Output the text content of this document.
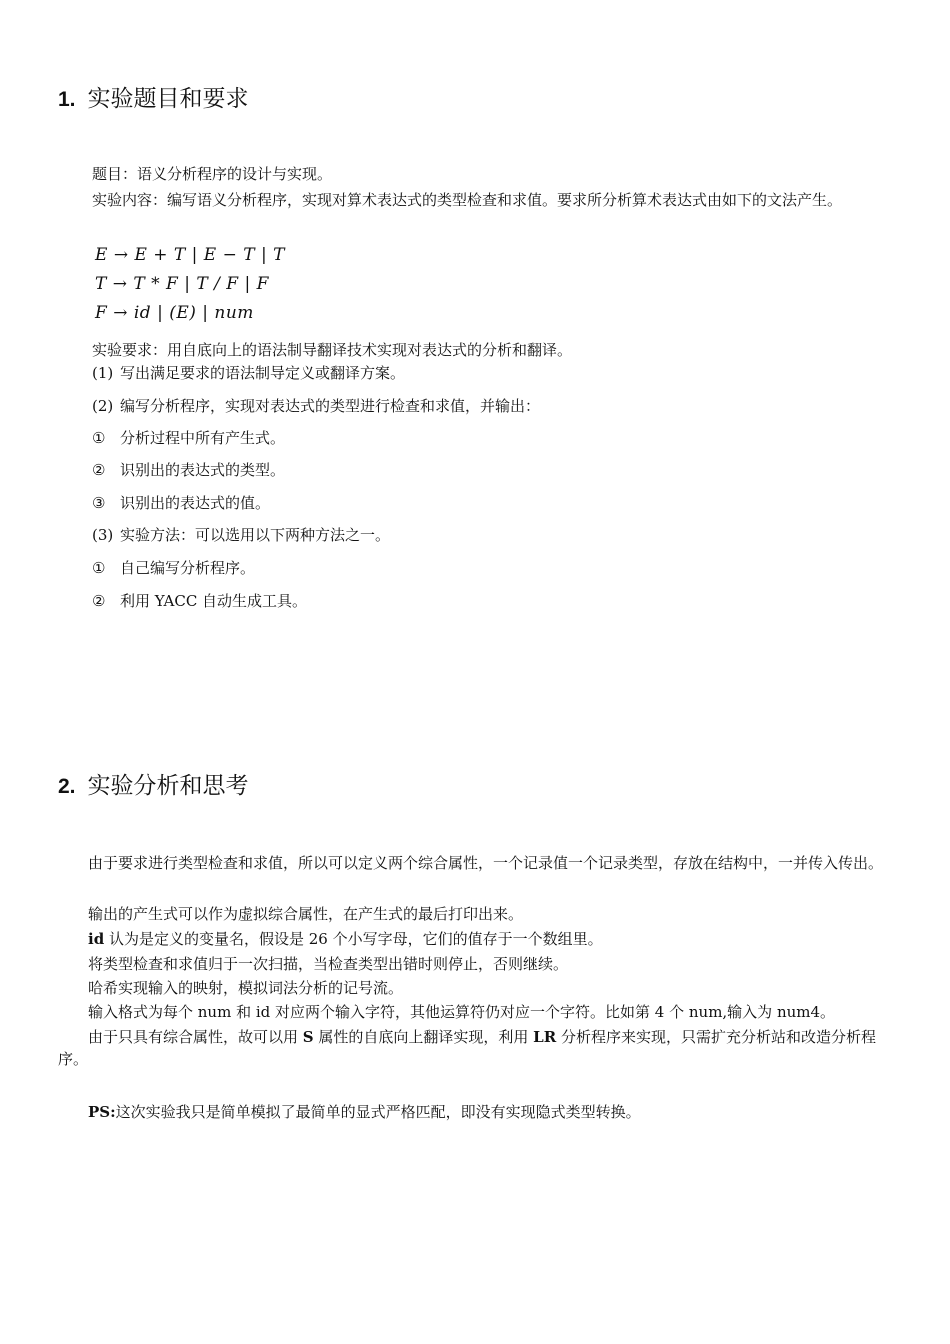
1. 实验题目和要求
题目：语义分析程序的设计与实现。
实验内容：编写语义分析程序，实现对算术表达式的类型检查和求值。要求所分析算术表达式由如下的文法产生。
E → E + T | E − T | T
T → T * F | T / F | F
F → id | (E) | num
实验要求：用自底向上的语法制导翻译技术实现对表达式的分析和翻译。
(1) 写出满足要求的语法制导定义或翻译方案。
(2) 编写分析程序，实现对表达式的类型进行检查和求值，并输出：
① 分析过程中所有产生式。
② 识别出的表达式的类型。
③ 识别出的表达式的值。
(3) 实验方法：可以选用以下两种方法之一。
① 自己编写分析程序。
② 利用 YACC 自动生成工具。
2. 实验分析和思考
由于要求进行类型检查和求值，所以可以定义两个综合属性，一个记录值一个记录类型，存放在结构中，一并传入传出。
输出的产生式可以作为虚拟综合属性，在产生式的最后打印出来。
id 认为是定义的变量名，假设是 26 个小写字母，它们的值存于一个数组里。
将类型检查和求值归于一次扫描，当检查类型出错时则停止，否则继续。
哈希实现输入的映射，模拟词法分析的记号流。
输入格式为每个 num 和 id 对应两个输入字符，其他运算符仍对应一个字符。比如第 4 个 num,输入为 num4。
由于只具有综合属性，故可以用 S 属性的自底向上翻译实现，利用 LR 分析程序来实现，只需扩充分析站和改造分析程序。
PS:这次实验我只是简单模拟了最简单的显式严格匹配，即没有实现隐式类型转换。
